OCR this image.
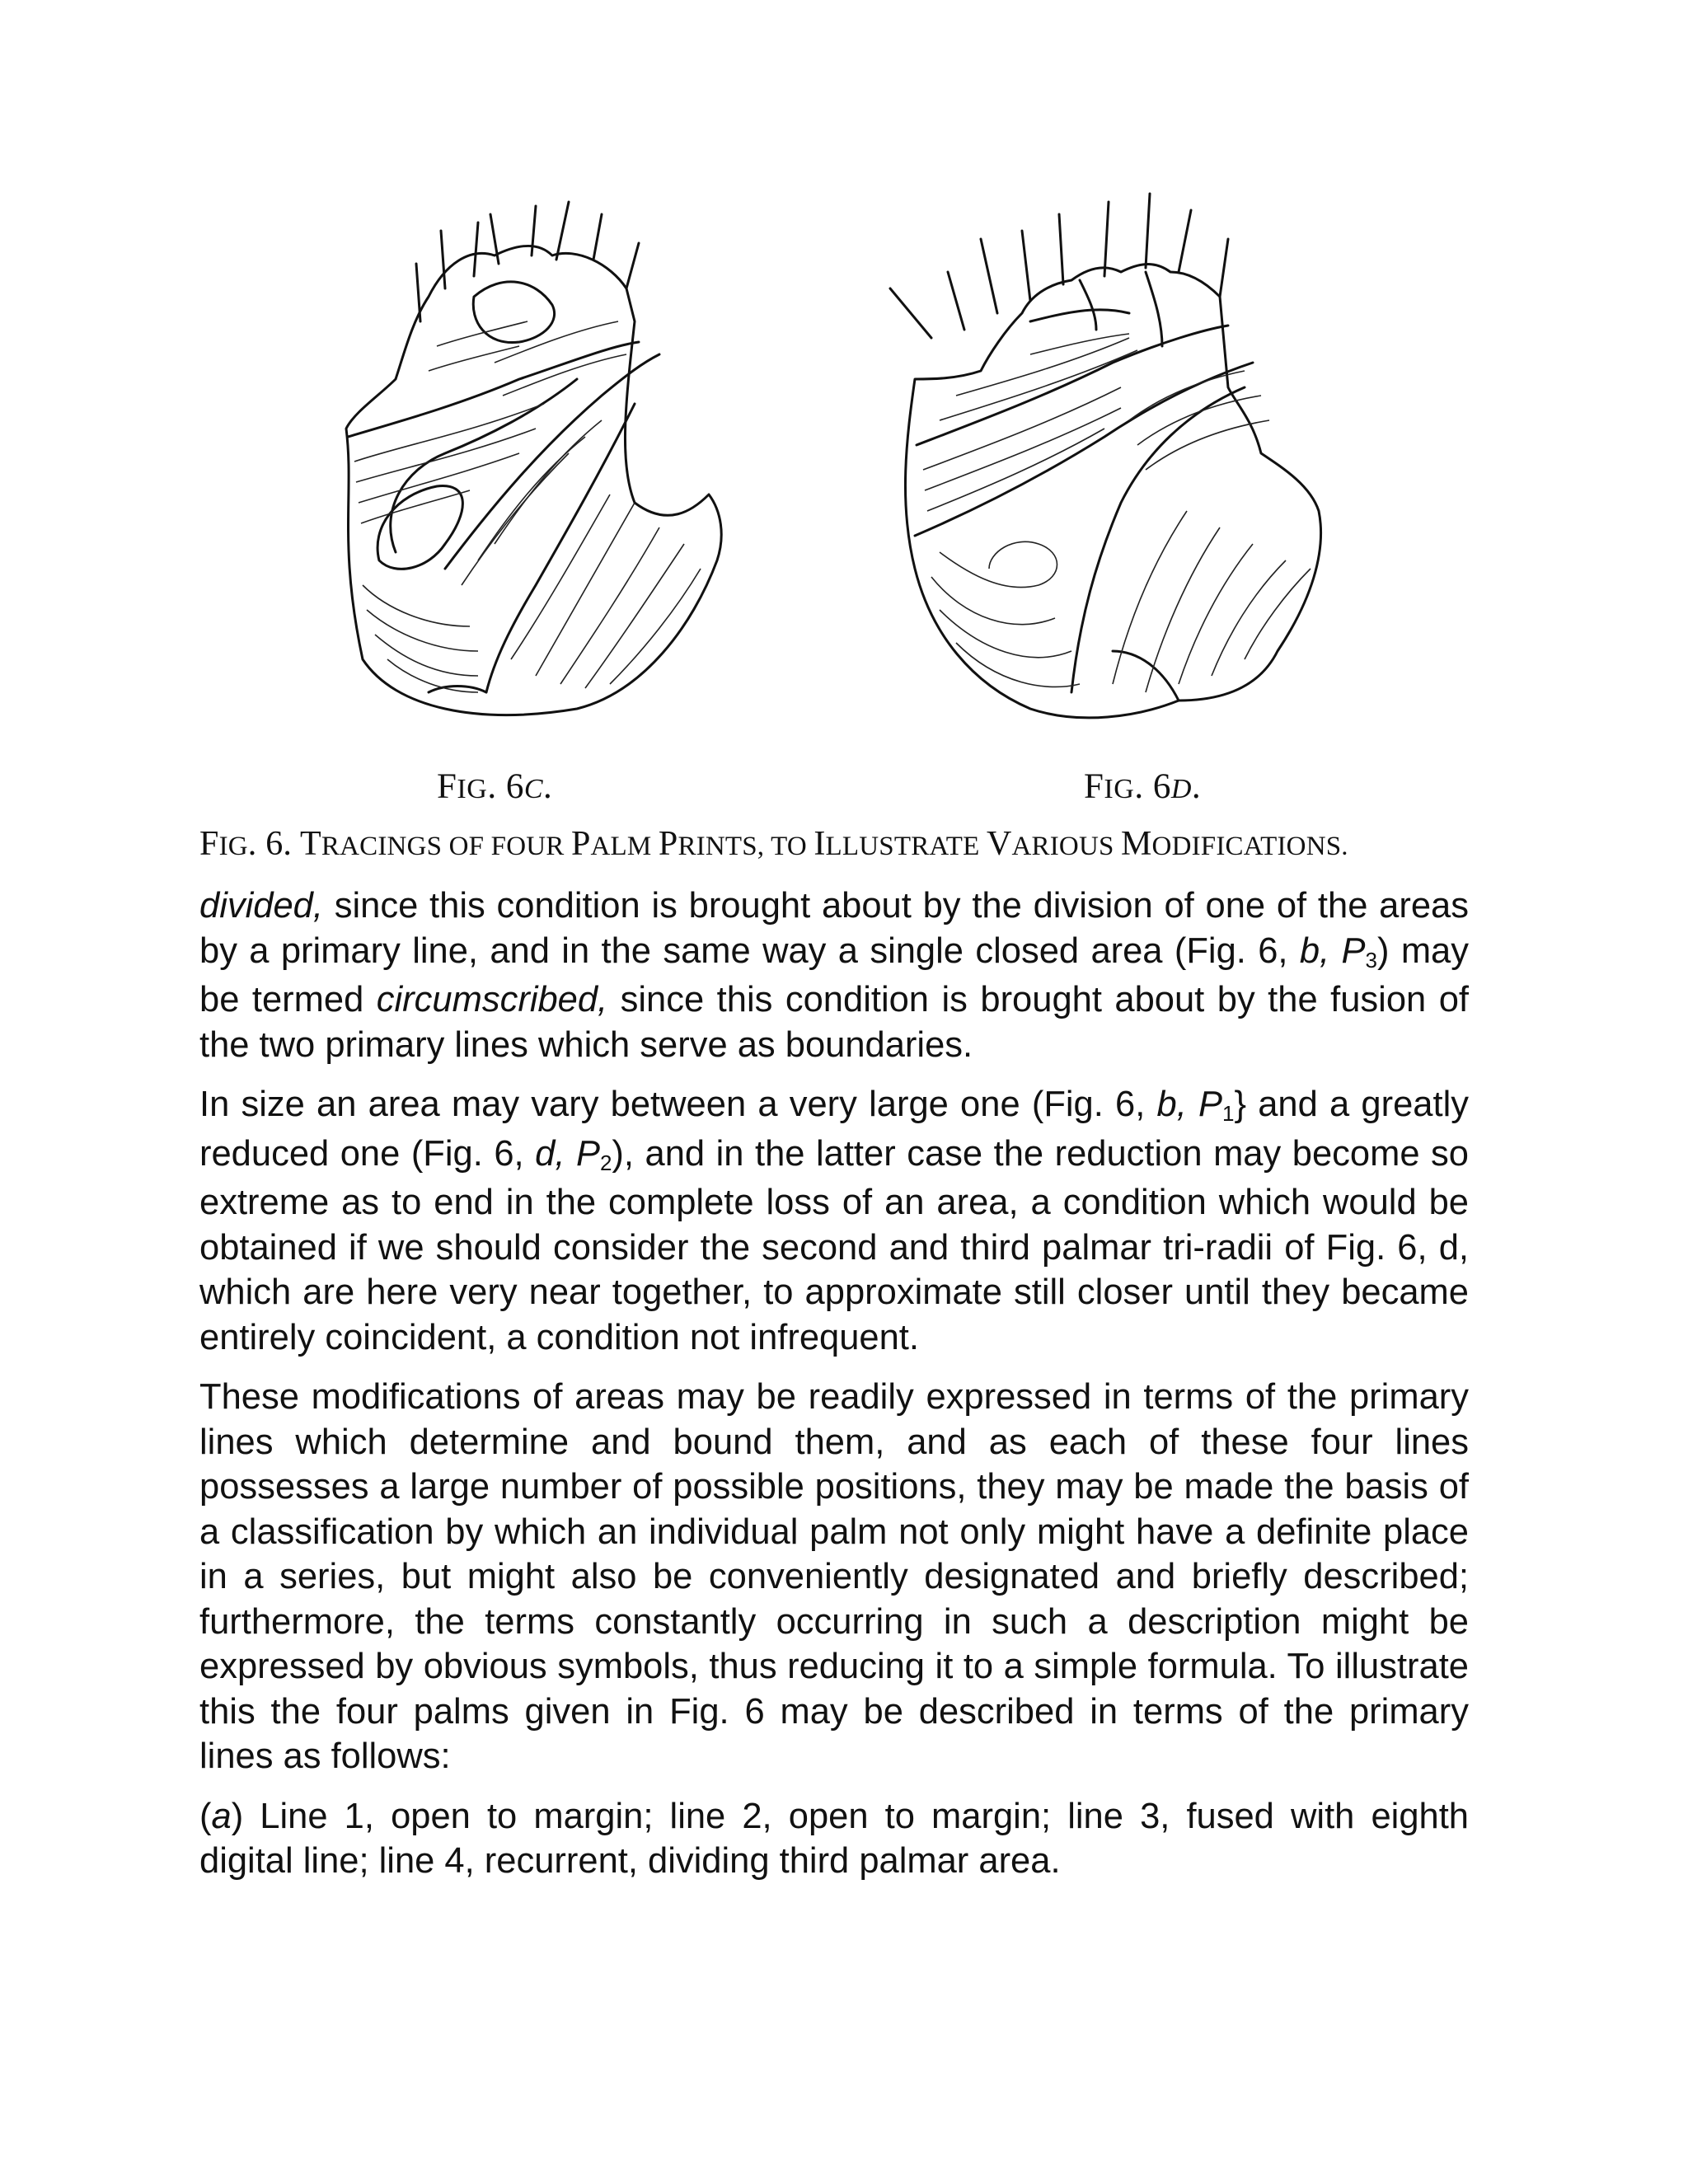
FIG. 6C.	FIG. 6D.
FIG. 6. TRACINGS OF FOUR PALM PRINTS, TO ILLUSTRATE VARIOUS MODIFICATIONS.

divided, since this condition is brought about by the division of one of the areas by a primary line, and in the same way a single closed area (Fig. 6, b, $P_3$) may be termed circumscribed, since this condition is brought about by the fusion of the two primary lines which serve as boundaries.

In size an area may vary between a very large one (Fig. 6, b, $P_1$} and a greatly reduced one (Fig. 6, d, $P_2$), and in the latter case the reduction may become so extreme as to end in the complete loss of an area, a condition which would be obtained if we should consider the second and third palmar tri-radii of Fig. 6, d, which are here very near together, to approximate still closer until they became entirely coincident, a condition not infrequent.

These modifications of areas may be readily expressed in terms of the primary lines which determine and bound them, and as each of these four lines possesses a large number of possible positions, they may be made the basis of a classification by which an individual palm not only might have a definite place in a series, but might also be conveniently designated and briefly described; furthermore, the terms constantly occurring in such a description might be expressed by obvious symbols, thus reducing it to a simple formula. To illustrate this the four palms given in Fig. 6 may be described in terms of the primary lines as follows:

(a) Line 1, open to margin; line 2, open to margin; line 3, fused with eighth digital line; line 4, recurrent, dividing third palmar area.
